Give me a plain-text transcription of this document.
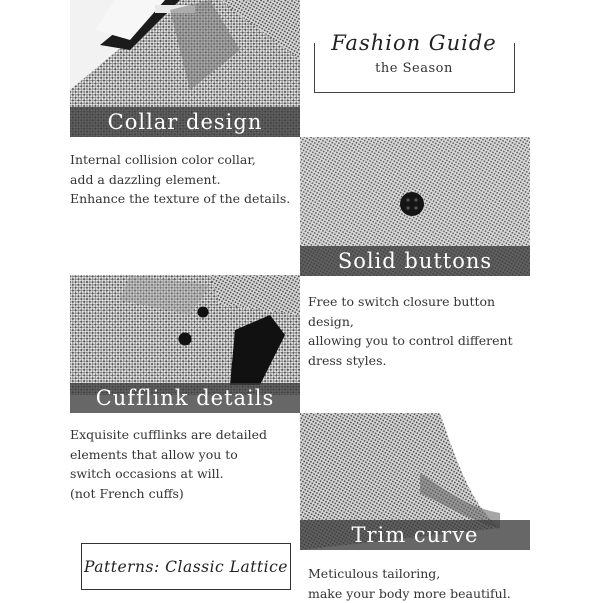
Collar design
Fashion Guide
the Season
Internal collision color collar,
add a dazzling element.
Enhance the texture of the details.
Solid buttons
Cufflink details
Free to switch closure button
design,
allowing you to control different
dress styles.
Exquisite cufflinks are detailed
elements that allow you to
switch occasions at will.
(not French cuffs)
Trim curve
Patterns: Classic Lattice Meticulous tailoring,
make your body more beautiful.
